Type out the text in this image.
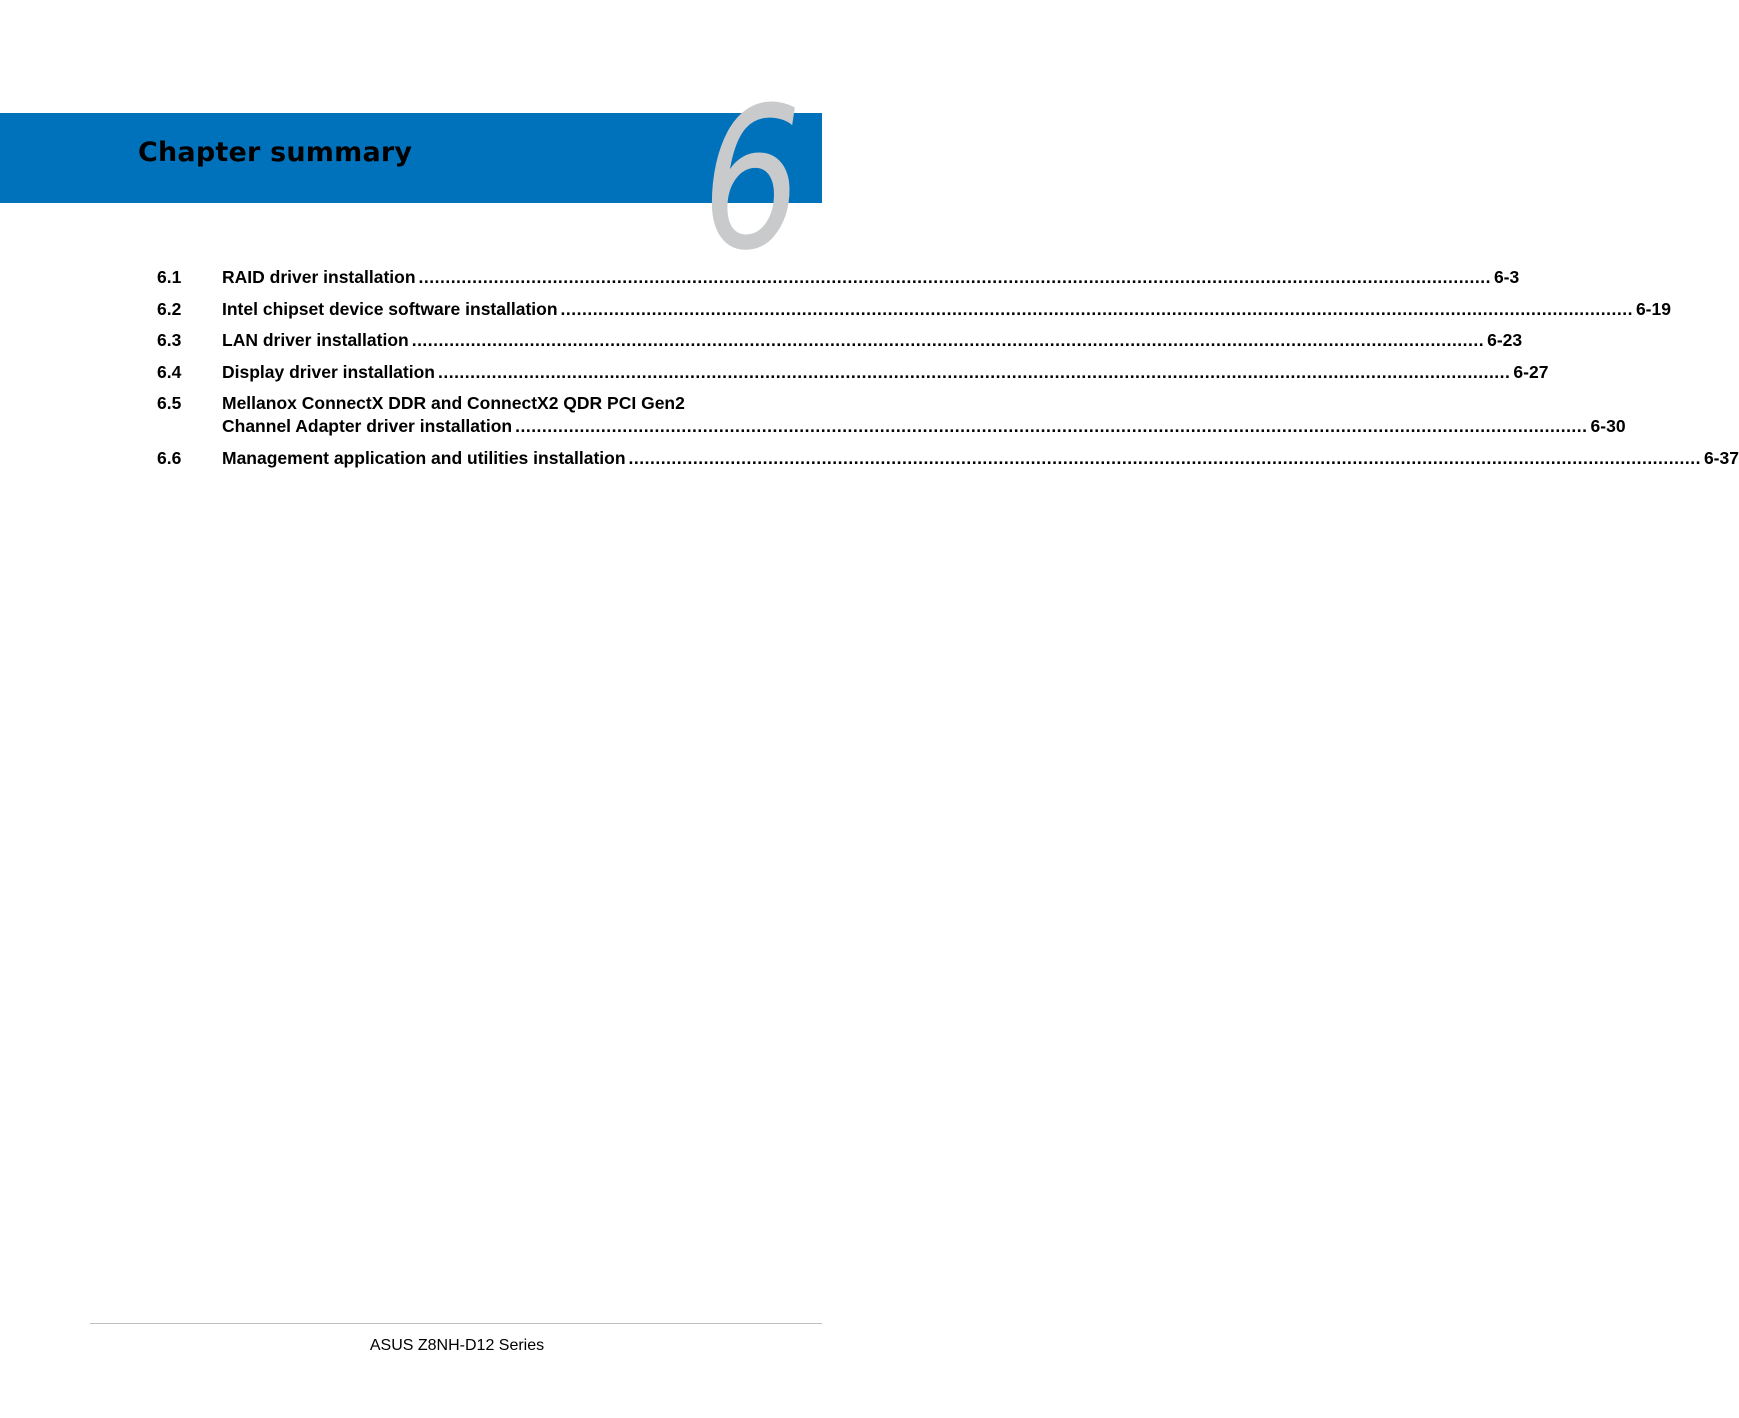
6
Chapter summary
6.1	RAID driver installation ........................................................................................................................................................................................................ 6-3
6.2	Intel chipset device software installation ........................................................................................................................................................................................................ 6-19
6.3	LAN driver installation ........................................................................................................................................................................................................ 6-23
6.4	Display driver installation ........................................................................................................................................................................................................ 6-27
6.5	Mellanox ConnectX DDR and ConnectX2 QDR PCI Gen2
Channel Adapter driver installation ........................................................................................................................................................................................................ 6-30
6.6	Management application and utilities installation ........................................................................................................................................................................................................ 6-37
ASUS Z8NH-D12 Series
